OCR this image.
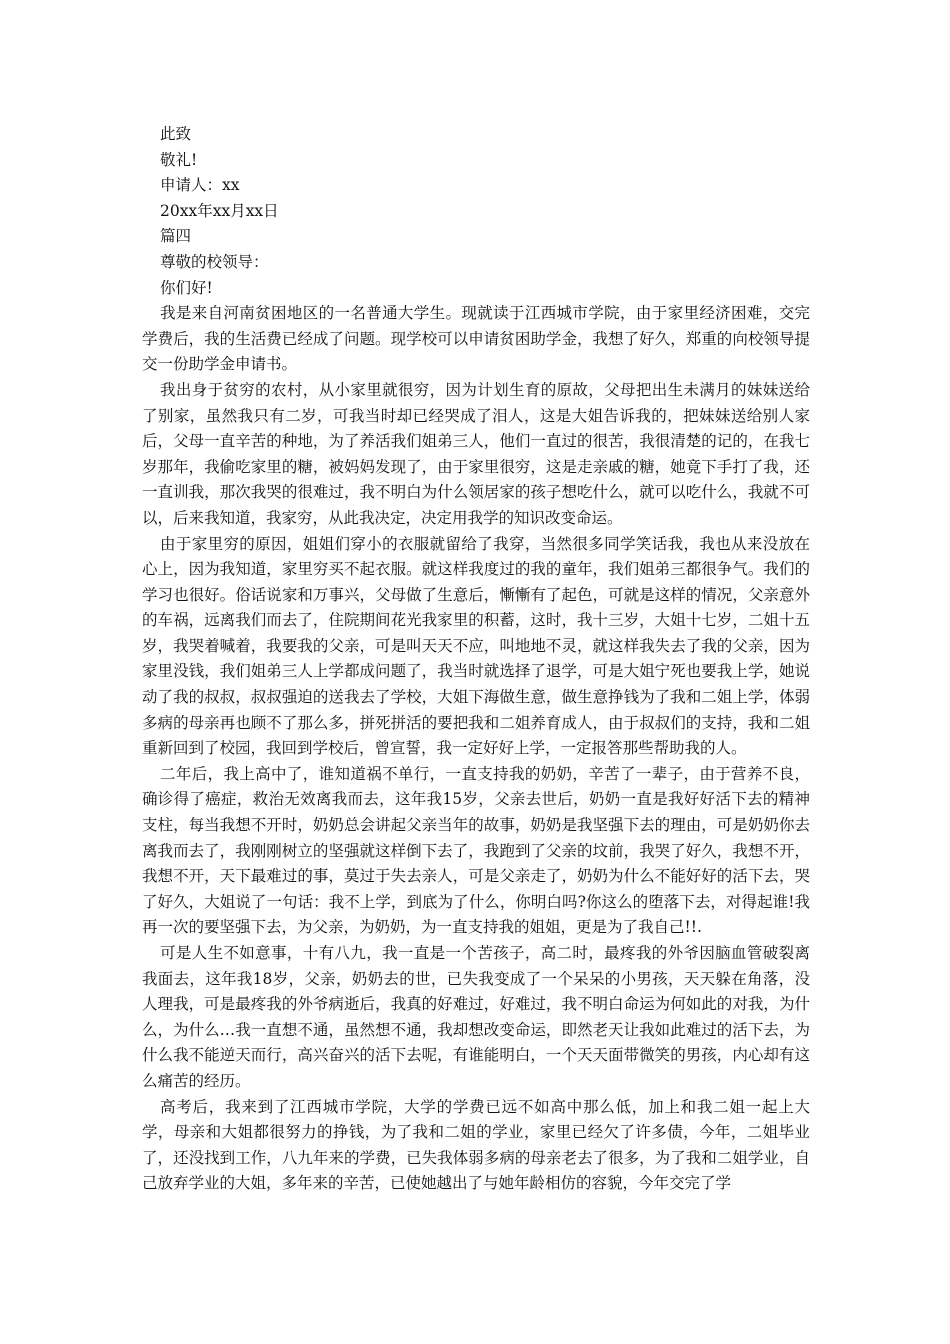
此致

敬礼!

申请人：xx

20xx年xx月xx日

篇四

尊敬的校领导：

你们好!

我是来自河南贫困地区的一名普通大学生。现就读于江西城市学院，由于家里经济困难，交完学费后，我的生活费已经成了问题。现学校可以申请贫困助学金，我想了好久，郑重的向校领导提交一份助学金申请书。

我出身于贫穷的农村，从小家里就很穷，因为计划生育的原故，父母把出生未满月的妹妹送给了别家，虽然我只有二岁，可我当时却已经哭成了泪人，这是大姐告诉我的，把妹妹送给别人家后，父母一直辛苦的种地，为了养活我们姐弟三人，他们一直过的很苦，我很清楚的记的，在我七岁那年，我偷吃家里的糖，被妈妈发现了，由于家里很穷，这是走亲戚的糖，她竟下手打了我，还一直训我，那次我哭的很难过，我不明白为什么领居家的孩子想吃什么，就可以吃什么，我就不可以，后来我知道，我家穷，从此我决定，决定用我学的知识改变命运。

由于家里穷的原因，姐姐们穿小的衣服就留给了我穿，当然很多同学笑话我，我也从来没放在心上，因为我知道，家里穷买不起衣服。就这样我度过的我的童年，我们姐弟三都很争气。我们的学习也很好。俗话说家和万事兴，父母做了生意后，慚慚有了起色，可就是这样的情况，父亲意外的车祸，远离我们而去了，住院期间花光我家里的积蓄，这时，我十三岁，大姐十七岁，二姐十五岁，我哭着喊着，我要我的父亲，可是叫天天不应，叫地地不灵，就这样我失去了我的父亲，因为家里没钱，我们姐弟三人上学都成问题了，我当时就选择了退学，可是大姐宁死也要我上学，她说动了我的叔叔，叔叔强迫的送我去了学校，大姐下海做生意，做生意挣钱为了我和二姐上学，体弱多病的母亲再也顾不了那么多，拼死拼活的要把我和二姐养育成人，由于叔叔们的支持，我和二姐重新回到了校园，我回到学校后，曾宣誓，我一定好好上学，一定报答那些帮助我的人。

二年后，我上高中了，谁知道祸不单行，一直支持我的奶奶，辛苦了一辈子，由于营养不良，确诊得了癌症，救治无效离我而去，这年我15岁，父亲去世后，奶奶一直是我好好活下去的精神支柱，每当我想不开时，奶奶总会讲起父亲当年的故事，奶奶是我坚强下去的理由，可是奶奶你去离我而去了，我刚刚树立的坚强就这样倒下去了，我跑到了父亲的坟前，我哭了好久，我想不开，我想不开，天下最难过的事，莫过于失去亲人，可是父亲走了，奶奶为什么不能好好的活下去，哭了好久，大姐说了一句话：我不上学，到底为了什么，你明白吗?你这么的堕落下去，对得起谁!我再一次的要坚强下去，为父亲，为奶奶，为一直支持我的姐姐，更是为了我自己!!.

可是人生不如意事，十有八九，我一直是一个苦孩子，高二时，最疼我的外爷因脑血管破裂离我面去，这年我18岁，父亲，奶奶去的世，已失我变成了一个呆呆的小男孩，天天躲在角落，没人理我，可是最疼我的外爷病逝后，我真的好难过，好难过，我不明白命运为何如此的对我，为什么，为什么…我一直想不通，虽然想不通，我却想改变命运，即然老天让我如此难过的活下去，为什么我不能逆天而行，高兴奋兴的活下去呢，有谁能明白，一个天天面带微笑的男孩，内心却有这么痛苦的经历。

高考后，我来到了江西城市学院，大学的学费已远不如高中那么低，加上和我二姐一起上大学，母亲和大姐都很努力的挣钱，为了我和二姐的学业，家里已经欠了许多债，今年，二姐毕业了，还没找到工作，八九年来的学费，已失我体弱多病的母亲老去了很多，为了我和二姐学业，自己放弃学业的大姐，多年来的辛苦，已使她越出了与她年龄相仿的容貌，今年交完了学
